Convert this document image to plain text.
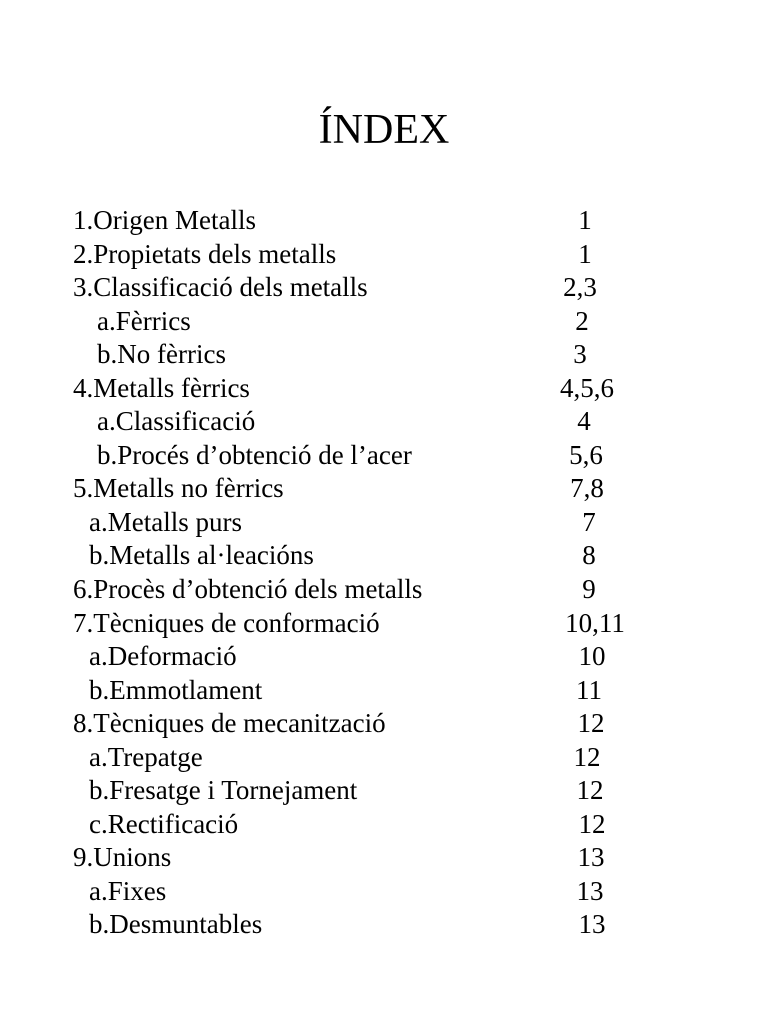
ÍNDEX
1.Origen Metalls	1
2.Propietats dels metalls	1
3.Classificació dels metalls	2,3
a.Fèrrics	2
b.No fèrrics	3
4.Metalls fèrrics	4,5,6
a.Classificació	4
b.Procés d’obtenció de l’acer	5,6
5.Metalls no fèrrics	7,8
a.Metalls purs	7
b.Metalls al·leacións	8
6.Procès d’obtenció dels metalls	9
7.Tècniques de conformació	10,11
a.Deformació	10
b.Emmotlament	11
8.Tècniques de mecanització	12
a.Trepatge	12
b.Fresatge i Tornejament	12
c.Rectificació	12
9.Unions	13
a.Fixes	13
b.Desmuntables	13
